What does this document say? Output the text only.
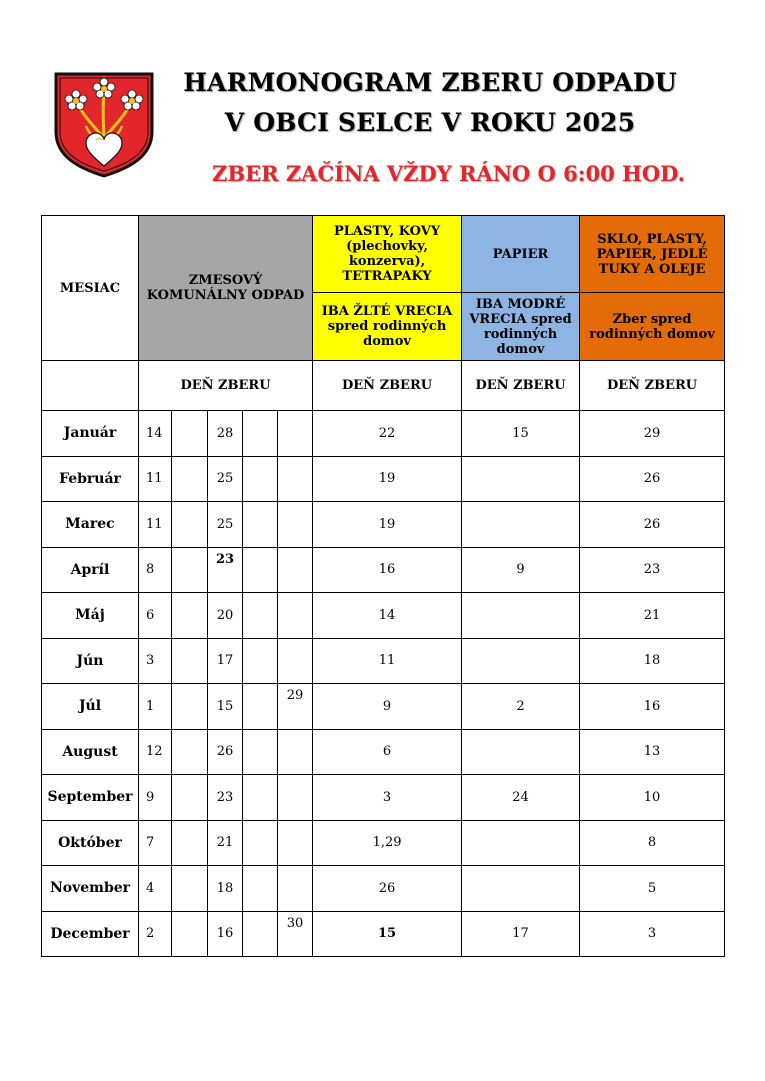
HARMONOGRAM ZBERU ODPADU
V OBCI SELCE V ROKU 2025
ZBER ZAČÍNA VŽDY RÁNO O 6:00 HOD.
MESIAC	ZMESOVÝ KOMUNÁLNY ODPAD					PLASTY, KOVY (plechovky, konzerva), TETRAPAKY	PAPIER	SKLO, PLASTY, PAPIER, JEDLÉ TUKY A OLEJE
						IBA ŽLTÉ VRECIA spred rodinných domov	IBA MODRÉ VRECIA spred rodinných domov	Zber spred rodinných domov
	DEŇ ZBERU					DEŇ ZBERU	DEŇ ZBERU	DEŇ ZBERU
Január	14		28			22	15	29
Február	11		25			19		26
Marec	11		25			19		26
Apríl	8		23			16	9	23
Máj	6		20			14		21
Jún	3		17			11		18
Júl	1		15		29	9	2	16
August	12		26			6		13
September	9		23			3	24	10
Október	7		21			1,29		8
November	4		18			26		5
December	2		16		30	15	17	3
